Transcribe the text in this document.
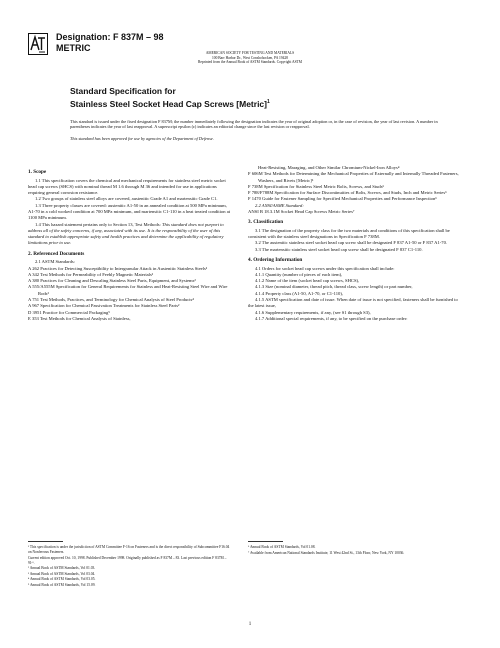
Designation: F 837M – 98
METRIC	AMERICAN SOCIETY FOR TESTING AND MATERIALS
100 Barr Harbor Dr., West Conshohocken, PA 19428
Reprinted from the Annual Book of ASTM Standards. Copyright ASTM
Standard Specification for
Stainless Steel Socket Head Cap Screws [Metric]$^1$
This standard is issued under the fixed designation F 837M; the number immediately following the designation indicates the year of original adoption or, in the case of revision, the year of last revision. A number in parentheses indicates the year of last reapproval. A superscript epsilon (ε) indicates an editorial change since the last revision or reapproval.
This standard has been approved for use by agencies of the Department of Defense.
1. Scope

1.1 This specification covers the chemical and mechanical requirements for stainless steel metric socket head cap screws (SHCS) with nominal thread M 1.6 through M 36 and intended for use in applications requiring general corrosion resistance.

1.2 Two groups of stainless steel alloys are covered, austenitic Grade A1 and martensitic Grade C1.

1.3 Three property classes are covered: austenitic A1-50 in an annealed condition at 500 MPa minimum, A1-70 in a cold worked condition at 700 MPa minimum, and martensitic C1-110 in a heat treated condition at 1100 MPa minimum.

1.4 This hazard statement pertains only to Section 13, Test Methods: This standard does not purport to address all of the safety concerns, if any, associated with its use. It is the responsibility of the user of this standard to establish appropriate safety and health practices and determine the applicability of regulatory limitations prior to use.

2. Referenced Documents

2.1 ASTM Standards:

A 262 Practices for Detecting Susceptibility to Intergranular Attack in Austenitic Stainless Steels²

A 342 Test Methods for Permeability of Feebly Magnetic Materials³

A 380 Practices for Cleaning and Descaling Stainless Steel Parts, Equipment, and Systems²

A 555/A555M Specification for General Requirements for Stainless and Heat-Resisting Steel Wire and Wire Rods²

A 751 Test Methods, Practices, and Terminology for Chemical Analysis of Steel Products⁴

A 967 Specification for Chemical Passivation Treatments for Stainless Steel Parts²

D 3951 Practice for Commercial Packaging⁵

E 353 Test Methods for Chemical Analysis of Stainless,

Heat-Resisting, Maraging, and Other Similar Chromium-Nickel-Iron Alloys⁴

F 606M Test Methods for Determining the Mechanical Properties of Externally and Internally Threaded Fasteners, Washers, and Rivets [Metric]⁶

F 738M Specification for Stainless Steel Metric Bolts, Screws, and Studs⁶

F 788/F788M Specification for Surface Discontinuities of Bolts, Screws, and Studs, Inch and Metric Series⁶

F 1470 Guide for Fastener Sampling for Specified Mechanical Properties and Performance Inspection⁶

2.2 ANSI/ASME Standard:

ANSI B 18.3.1M Socket Head Cap Screws Metric Series⁷

3. Classification

3.1 The designation of the property class for the two materials and conditions of this specification shall be consistent with the stainless steel designations in Specification F 738M.

3.2 The austenitic stainless steel socket head cap screw shall be designated F 837 A1-50 or F 837 A1-70.

3.3 The martensitic stainless steel socket head cap screw shall be designated F 837 C1-110.

4. Ordering Information

4.1 Orders for socket head cap screws under this specification shall include:

4.1.1 Quantity (number of pieces of each item),

4.1.2 Name of the item (socket head cap screws, SHCS),

4.1.3 Size (nominal diameter, thread pitch, thread class, screw length) or part number,

4.1.4 Property class (A1-50, A1-70, or C1-110),

4.1.5 ASTM specification and date of issue. When date of issue is not specified, fasteners shall be furnished to the latest issue,

4.1.6 Supplementary requirements, if any, (see S1 through S3),

4.1.7 Additional special requirements, if any, to be specified on the purchase order:

¹ This specification is under the jurisdiction of ASTM Committee F-16 on Fasteners and is the direct responsibility of Subcommittee F16.04 on Nonferrous Fasteners.

Current edition approved Oct. 10, 1998. Published December 1998. Originally published as F 837M – 83. Last previous edition F 837M – 91ᵉ¹.

² Annual Book of ASTM Standards, Vol 01.03.

³ Annual Book of ASTM Standards, Vol 03.04.

⁴ Annual Book of ASTM Standards, Vol 03.05.

⁵ Annual Book of ASTM Standards, Vol 15.09.

⁶ Annual Book of ASTM Standards, Vol 01.08.

⁷ Available from American National Standards Institute, 11 West 42nd St., 13th Floor, New York, NY 10036.

1
